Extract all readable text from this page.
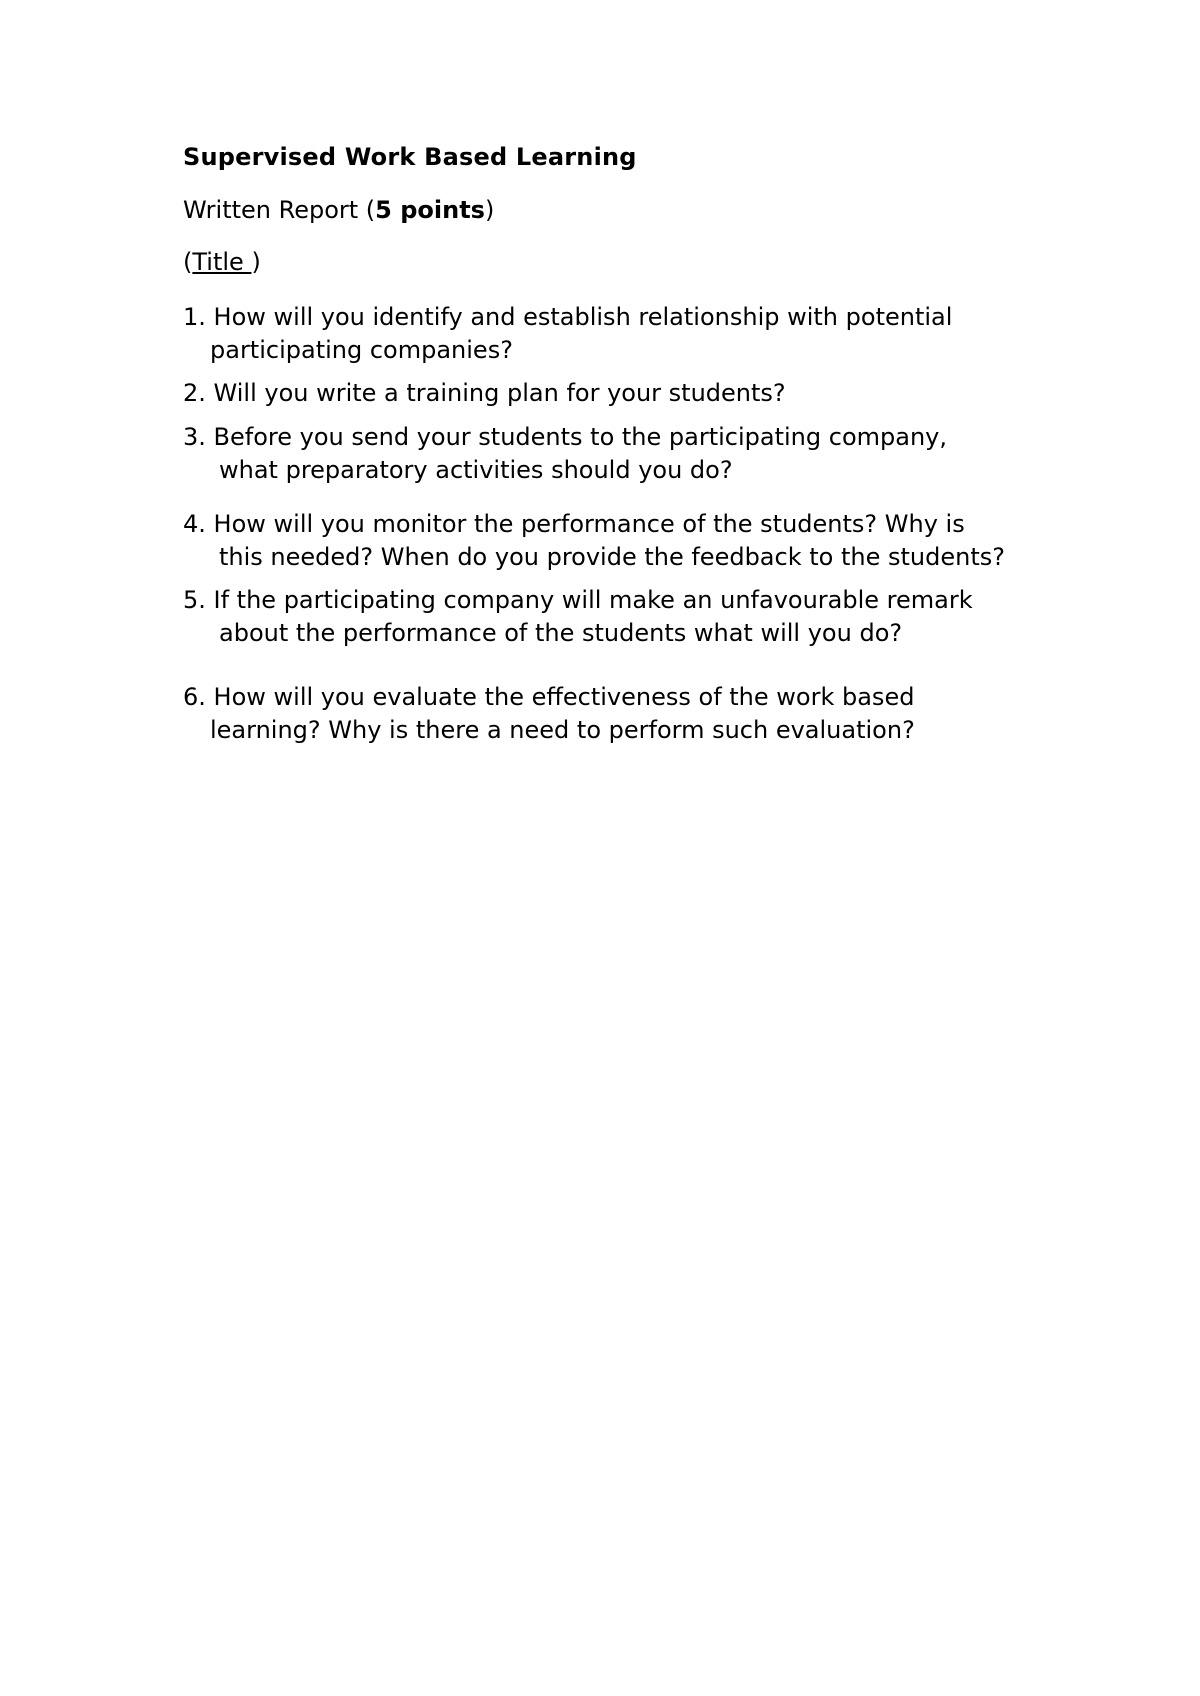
Supervised Work Based Learning
Written Report (5 points)
(Title )
1. How will you identify and establish relationship with potential
participating companies?
2. Will you write a training plan for your students?
3. Before you send your students to the participating company,
what preparatory activities should you do?
4. How will you monitor the performance of the students? Why is
this needed? When do you provide the feedback to the students?
5. If the participating company will make an unfavourable remark
about the performance of the students what will you do?
6. How will you evaluate the effectiveness of the work based
learning? Why is there a need to perform such evaluation?
